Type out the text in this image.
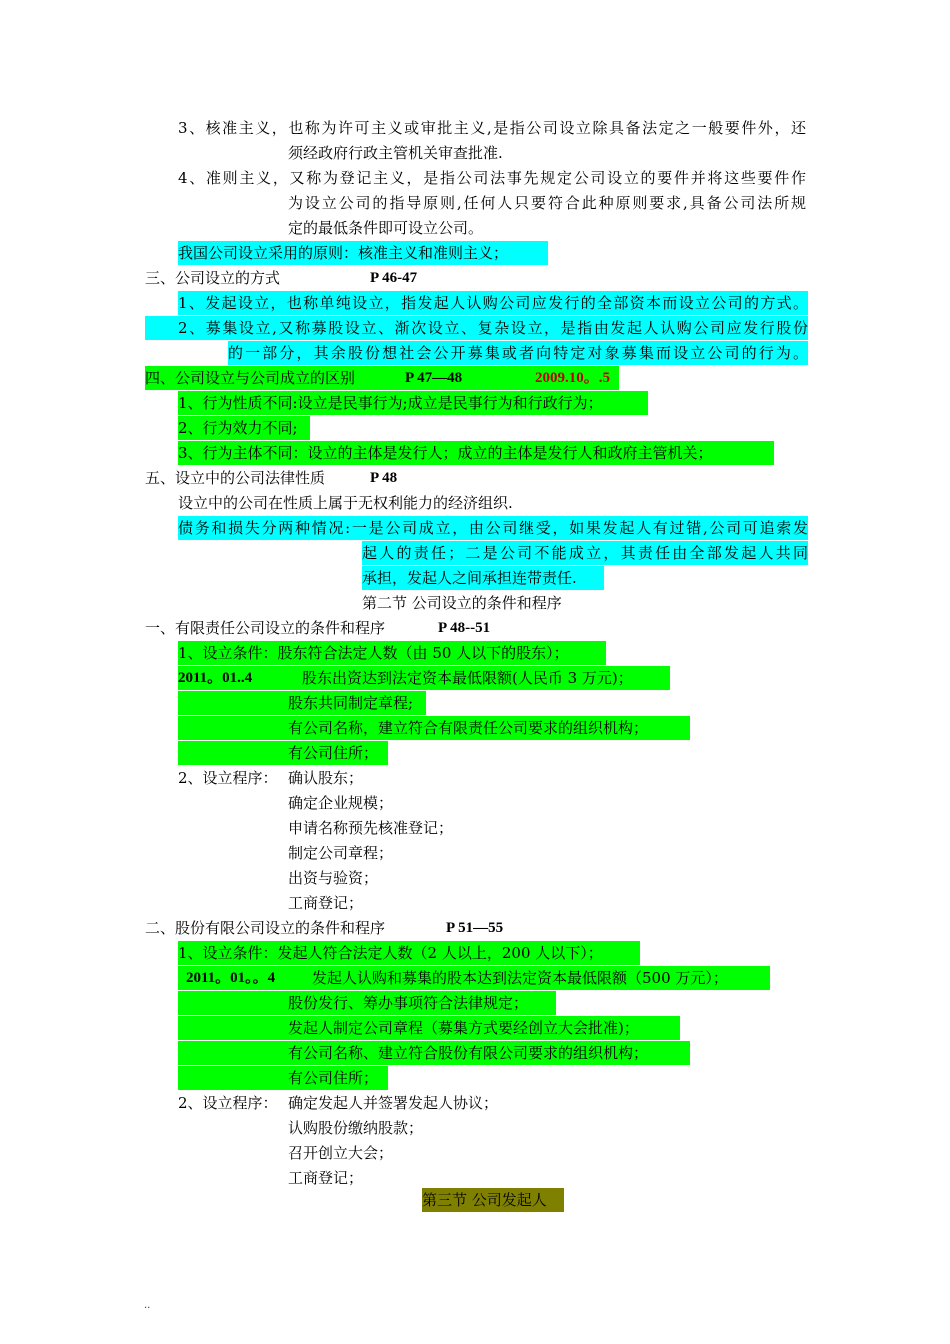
3、核准主义，也称为许可主义或审批主义,是指公司设立除具备法定之一般要件外，还
须经政府行政主管机关审查批准.
4、准则主义，又称为登记主义，是指公司法事先规定公司设立的要件并将这些要件作
为设立公司的指导原则,任何人只要符合此种原则要求,具备公司法所规
定的最低条件即可设立公司。
我国公司设立采用的原则：核准主义和准则主义；
三、公司设立的方式	P 46-47
1、发起设立，也称单纯设立，指发起人认购公司应发行的全部资本而设立公司的方式。
2、募集设立,又称募股设立、渐次设立、复杂设立，是指由发起人认购公司应发行股份
的一部分，其余股份想社会公开募集或者向特定对象募集而设立公司的行为。
四、公司设立与公司成立的区别	P 47—48	2009.10。.5
1、行为性质不同:设立是民事行为;成立是民事行为和行政行为；
2、行为效力不同;
3、行为主体不同：设立的主体是发行人；成立的主体是发行人和政府主管机关；
五、设立中的公司法律性质	P 48
设立中的公司在性质上属于无权利能力的经济组织.
债务和损失分两种情况:一是公司成立，由公司继受，如果发起人有过错,公司可追索发
起人的责任；二是公司不能成立，其责任由全部发起人共同
承担，发起人之间承担连带责任.
第二节 公司设立的条件和程序
一、有限责任公司设立的条件和程序	P 48--51
1、设立条件：股东符合法定人数（由 50 人以下的股东）；
2011。01..4	股东出资达到法定资本最低限额(人民币 3 万元)；
股东共同制定章程;
有公司名称，建立符合有限责任公司要求的组织机构；
有公司住所；
2、设立程序： 确认股东；
确定企业规模；
申请名称预先核准登记；
制定公司章程；
出资与验资；
工商登记；
二、股份有限公司设立的条件和程序	P 51—55
1、设立条件：发起人符合法定人数（2 人以上，200 人以下）；
2011。01。。4 发起人认购和募集的股本达到法定资本最低限额（500 万元）；
股份发行、筹办事项符合法律规定；
发起人制定公司章程（募集方式要经创立大会批准)；
有公司名称、建立符合股份有限公司要求的组织机构；
有公司住所；
2、设立程序： 确定发起人并签署发起人协议；
认购股份缴纳股款；
召开创立大会；
工商登记；
第三节 公司发起人
..
